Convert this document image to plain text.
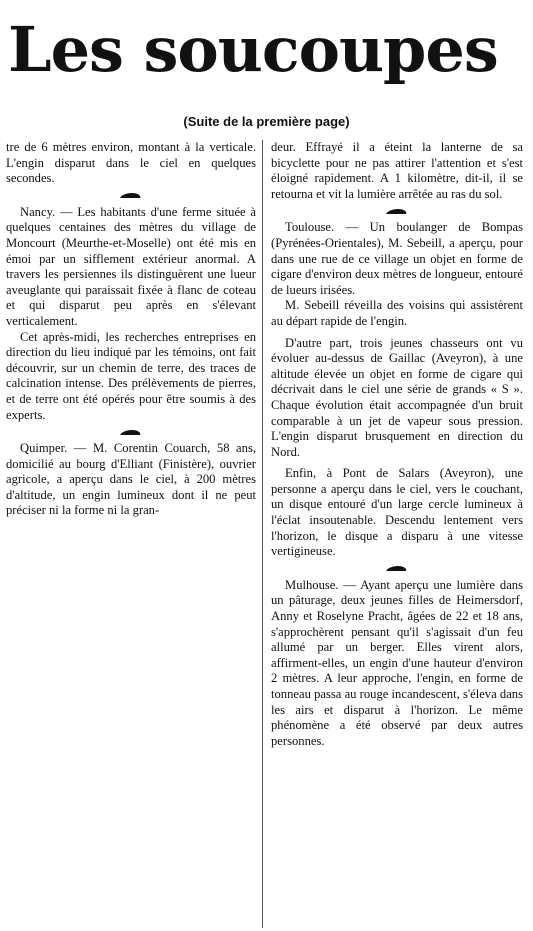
Les soucoupes
(Suite de la première page)

tre de 6 mètres environ, montant à la verticale. L'engin disparut dans le ciel en quelques secondes.

Nancy. — Les habitants d'une ferme située à quelques centaines des mètres du village de Moncourt (Meurthe-et-Moselle) ont été mis en émoi par un sifflement extérieur anormal. A travers les persiennes ils distinguèrent une lueur aveuglante qui paraissait fixée à flanc de coteau et qui disparut peu après en s'élevant verticalement.

Cet après-midi, les recherches entreprises en direction du lieu indiqué par les témoins, ont fait découvrir, sur un chemin de terre, des traces de calcination intense. Des prélèvements de pierres, et de terre ont été opérés pour être soumis à des experts.

Quimper. — M. Corentin Couarch, 58 ans, domicilié au bourg d'Elliant (Finistère), ouvrier agricole, a aperçu dans le ciel, à 200 mètres d'altitude, un engin lumineux dont il ne peut préciser ni la forme ni la gran-

deur. Effrayé il a éteint la lanterne de sa bicyclette pour ne pas attirer l'attention et s'est éloigné rapidement. A 1 kilomètre, dit-il, il se retourna et vit la lumière arrêtée au ras du sol.

Toulouse. — Un boulanger de Bompas (Pyrénées-Orientales), M. Sebeill, a aperçu, pour dans une rue de ce village un objet en forme de cigare d'environ deux mètres de longueur, entouré de lueurs irisées.

M. Sebeill réveilla des voisins qui assistèrent au départ rapide de l'engin.

D'autre part, trois jeunes chasseurs ont vu évoluer au-dessus de Gaillac (Aveyron), à une altitude élevée un objet en forme de cigare qui décrivait dans le ciel une série de grands « S ». Chaque évolution était accompagnée d'un bruit comparable à un jet de vapeur sous pression. L'engin disparut brusquement en direction du Nord.

Enfin, à Pont de Salars (Aveyron), une personne a aperçu dans le ciel, vers le couchant, un disque entouré d'un large cercle lumineux à l'éclat insoutenable. Descendu lentement vers l'horizon, le disque a disparu à une vitesse vertigineuse.

Mulhouse. — Ayant aperçu une lumière dans un pâturage, deux jeunes filles de Heimersdorf, Anny et Roselyne Pracht, âgées de 22 et 18 ans, s'approchèrent pensant qu'il s'agissait d'un feu allumé par un berger. Elles virent alors, affirment-elles, un engin d'une hauteur d'environ 2 mètres. A leur approche, l'engin, en forme de tonneau passa au rouge incandescent, s'éleva dans les airs et disparut à l'horizon. Le même phénomène a été observé par deux autres personnes.
